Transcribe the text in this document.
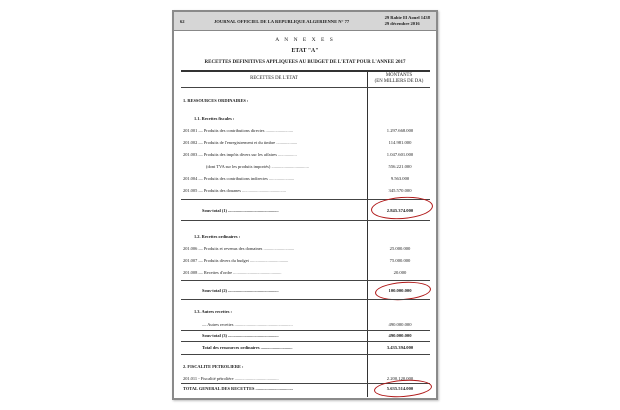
62	JOURNAL OFFICIEL DE LA REPUBLIQUE ALGERIENNE N° 77
29 Rabie El Aouel 1438
29 décembre 2016
A N N E X E S
ETAT "A"
RECETTES DEFINITIVES APPLIQUEES AU BUDGET DE L'ETAT POUR L'ANNEE 2017
RECETTES DE L'ETAT
MONTANTS
(EN MILLIERS DE DA)
1. RESSOURCES ORDINAIRES :
1.1. Recettes fiscales :
201.001 — Produits des contributions directes .........................	1.297.668.000
201.002 — Produits de l'enregistrement et du timbre ...................	114.981.000
201.003 — Produits des impôts divers sur les affaires .................	1.047.601.000
(dont TVA sur les produits importés) ..................................	556.221.000
201.004 — Produits des contributions indirectes .......................	9.563.000
201.005 — Produits des douanes ........................................	345.570.000
Sous-total (1) ..............................................	2.845.374.000
1.2. Recettes ordinaires :
201.006 — Produits et revenus des domaines ............................	25.000.000
201.007 — Produits divers du budget ...................................	75.000.000
201.008 — Recettes d'ordre ............................................	20.000
Sous-total (2) ..............................................	100.000.000
1.3. Autres recettes :
— Autres recettes .....................................................	490.000.000
Sous-total (3) ..............................................	490.000.000
Total des ressources ordinaires .............................	3.435.394.000
2. FISCALITE PETROLIERE :
201.011 - Fiscalité pétrolière ........................................	2.200.120.000
TOTAL GENERAL DES RECETTES ..................................	5.635.514.000
